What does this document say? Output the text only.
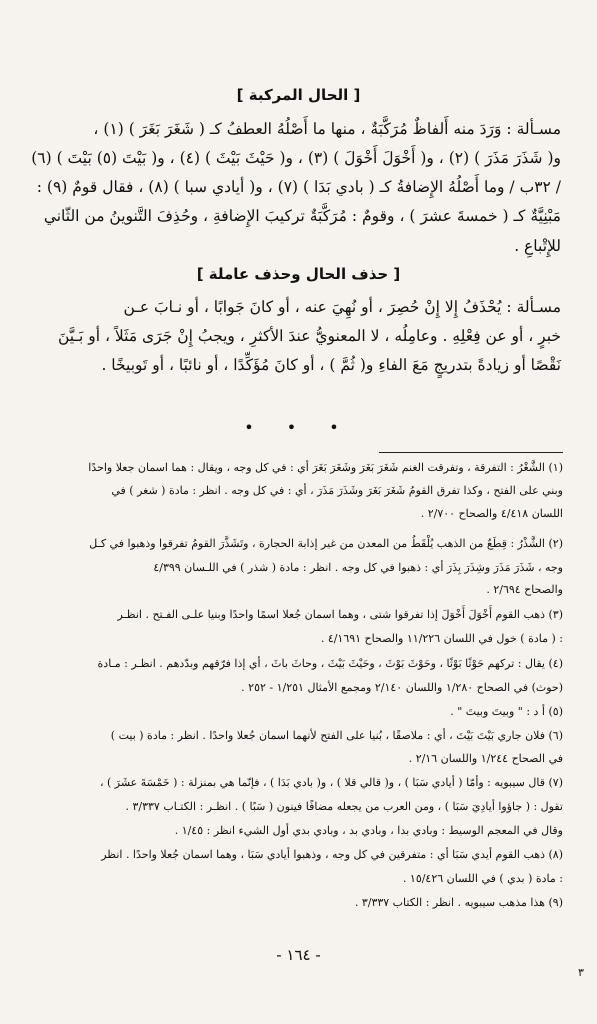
[ الحال المركبة ]
مسـألة : وَرَدَ منه أَلفاظٌ مُرَكَّبَةٌ ، منها ما أَصْلُهُ العطفُ كـ ( شَغَرَ بَغَرَ ) (١) ،
و( شَذَرَ مَذَرَ ) (٢) ، و( أَخْوَلَ أَخْوَلَ ) (٣) ، و( حَيْثَ بَيْثَ ) (٤) ، و( بَيْتَ (٥) بَيْتَ ) (٦)
/ ٣٢ب / وما أَصْلُهُ الإِضافةُ كـ ( بادي بَدَا ) (٧) ، و( أيادي سبا ) (٨) ، فقال قومٌ (٩) :
مَبْنِيَّةٌ كـ ( خمسةَ عشرَ ) ، وقومٌ : مُرَكَّبَةٌ تركيبَ الإِضافةِ ، وحُذِفَ التَّنوينُ من الثّاني
للإِتْباعِ .
[ حذف الحال وحذف عاملة ]
مسـألة : يُحْذَفُ إِلا إِنْ حُصِرَ ، أو نُهِيَ عنه ، أو كانَ جَوابًا ، أو نـابَ عـن
خبرٍ ، أو عن فِعْلِهِ . وعامِلُه ، لا المعنويُّ عندَ الأكثرِ ، ويجبُ إِنْ جَرَى مَثَلاً ، أو بَـيَّنَ
نَقْصًا أو زيادةً بتدريجٍ مَعَ الفاءِ و( ثُمَّ ) ، أو كانَ مُؤَكِّدًا ، أو نائبًا ، أو تَوبيخًا .
• • •
(١) الشَّغْرُ : التفرقة ، وتفرقت الغنم شَغَرَ بَغَرَ وشَغَرَ بَغَرَ أي : في كل وجه ، ويقال : هما اسمان جعلا واحدًا
وبني على الفتح ، وكذا تفرق القومُ شَغَرَ بَغَرَ وشَذَرَ مَذَرَ ، أي : في كل وجه . انظر : مادة ( شغر ) في
اللسان ٤/٤١٨ والصحاح ٢/٧٠٠ .
(٢) الشَّذْرُ : قِطَعٌ من الذهب يُلْقَطُ من المعدن من غير إذابة الحجارة ، وتَشَذَّرَ القومُ تفرقوا وذهبوا في كـل
وجه ، شَذَرَ مَذَرَ وشِذَرَ بِذَرَ أي : ذهبوا في كل وجه . انظر : مادة ( شذر ) في اللـسان ٤/٣٩٩
والصحاح ٢/٦٩٤ .
(٣) ذهب القوم أَخْوَلَ أَخْوَلَ إذا تفرقوا شتى ، وهما اسمان جُعلا اسمًا واحدًا وبنيا علـى الفـتح . انظـر
: ( مادة ) خول في اللسان ١١/٢٢٦ والصحاح ٤/١٦٩١ .
(٤) يقال : تركهم حَوْثًا بَوْثًا ، وحَوْثَ بَوْثَ ، وحَيْثَ بَيْثَ ، وحاثَ باثَ ، أي إذا فرّقهم وبدّدهم . انظـر : مـادة
(حوث) في الصحاح ١/٢٨٠ واللسان ٢/١٤٠ ومجمع الأمثال ١/٢٥١ - ٢٥٢ .
(٥) أ د : " وبيتَ وبيتَ " .
(٦) فلان جاري بَيْتَ بَيْتَ ، أي : ملاصقًا ، بُنيا على الفتح لأنهما اسمان جُعلا واحدًا . انظر : مادة ( بيت )
في الصحاح ١/٢٤٤ واللسان ٢/١٦ .
(٧) قال سيبويه : وأمّا ( أيادي سَبَا ) ، و( قالي قلا ) ، و( بادي بَدَا ) ، فإنّما هي بمنزلة : ( خَمْسَةَ عشَرَ ) ،
تقول : ( جاؤوا أيادِيَ سَبَا ) ، ومن العرب من يجعله مضافًا فينون ( سَبًا ) . انظـر : الكتـاب ٣/٣٣٧ .
وقال في المعجم الوسيط : وبادي بدا ، وبادي بد ، وبادي بدي أول الشيء انظر : ١/٤٥ .
(٨) ذهب القوم أيدي سَبَا أي : متفرقين في كل وجه ، وذهبوا أيادي سَبَا ، وهما اسمان جُعلا واحدًا . انظر
: مادة ( بدي ) في اللسان ١٥/٤٢٦ .
(٩) هذا مذهب سيبويه . انظر : الكتاب ٣/٣٣٧ .
- ١٦٤ -
٣
